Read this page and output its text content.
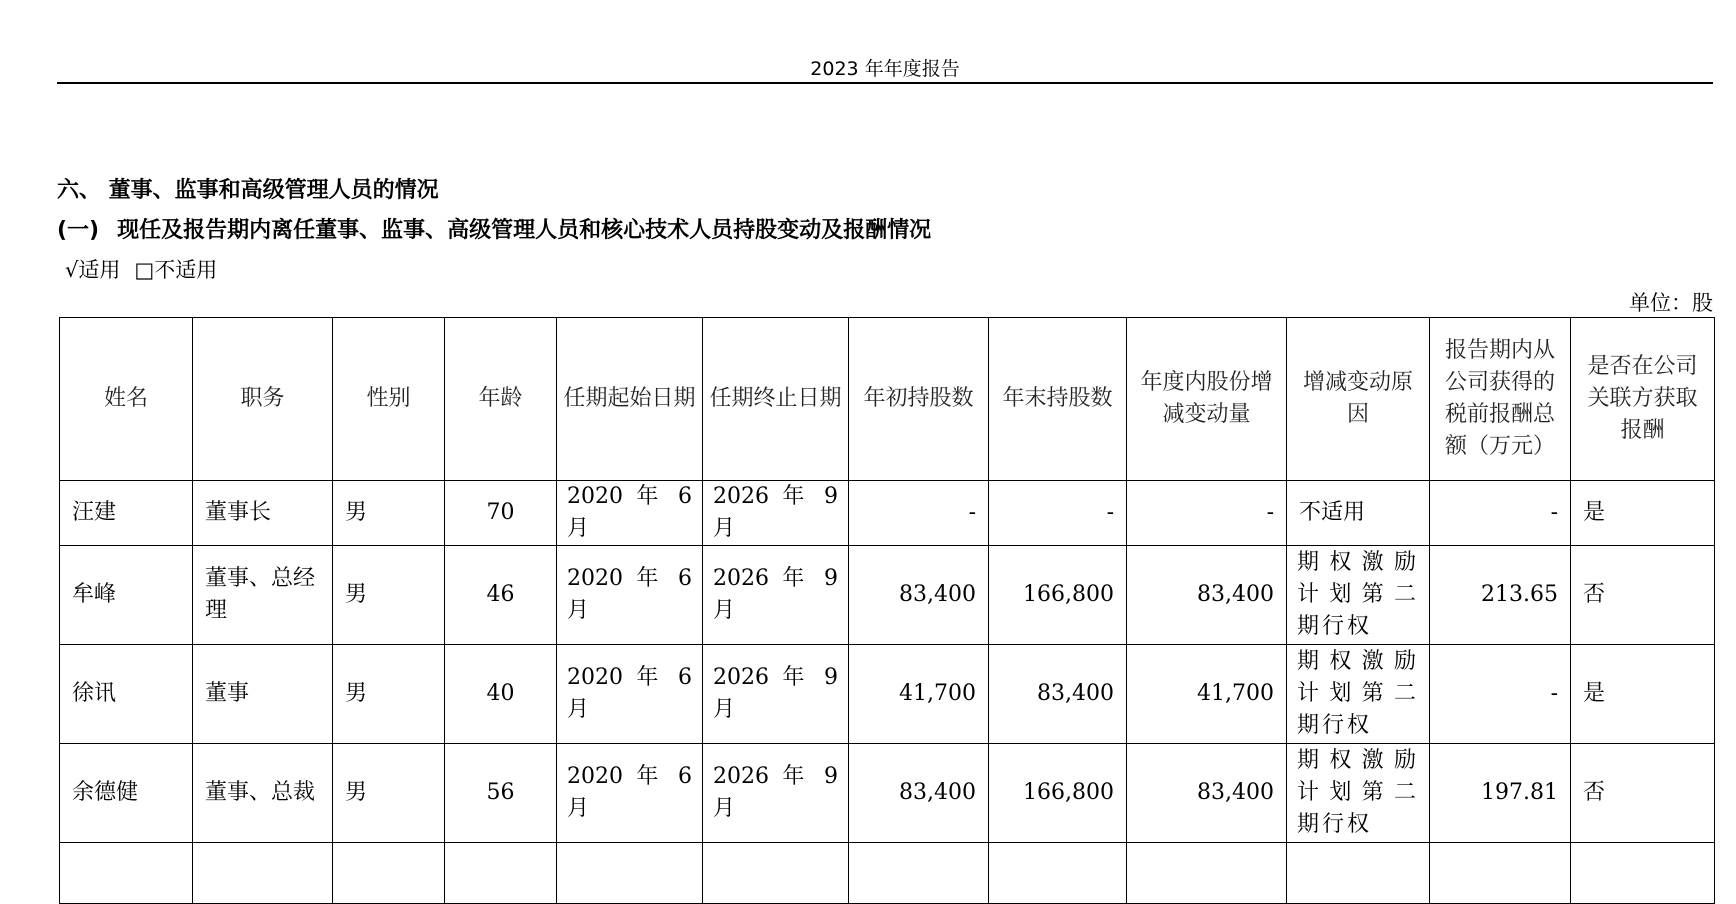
2023 年年度报告
六、 董事、监事和高级管理人员的情况
(一) 现任及报告期内离任董事、监事、高级管理人员和核心技术人员持股变动及报酬情况
√适用 □不适用
单位：股
姓名	职务	性别	年龄	任期起始日期	任期终止日期	年初持股数	年末持股数	年度内股份增减变动量	增减变动原因	报告期内从公司获得的税前报酬总额（万元）	是否在公司关联方获取报酬
汪建	董事长	男	70	2020 年 6 月	2026 年 9 月	-	-	-	不适用	-	是
牟峰	董事、总经理	男	46	2020 年 6 月	2026 年 9 月	83,400	166,800	83,400	期权激励计划第二期行权	213.65	否
徐讯	董事	男	40	2020 年 6 月	2026 年 9 月	41,700	83,400	41,700	期权激励计划第二期行权	-	是
余德健	董事、总裁	男	56	2020 年 6 月	2026 年 9 月	83,400	166,800	83,400	期权激励计划第二期行权	197.81	否
